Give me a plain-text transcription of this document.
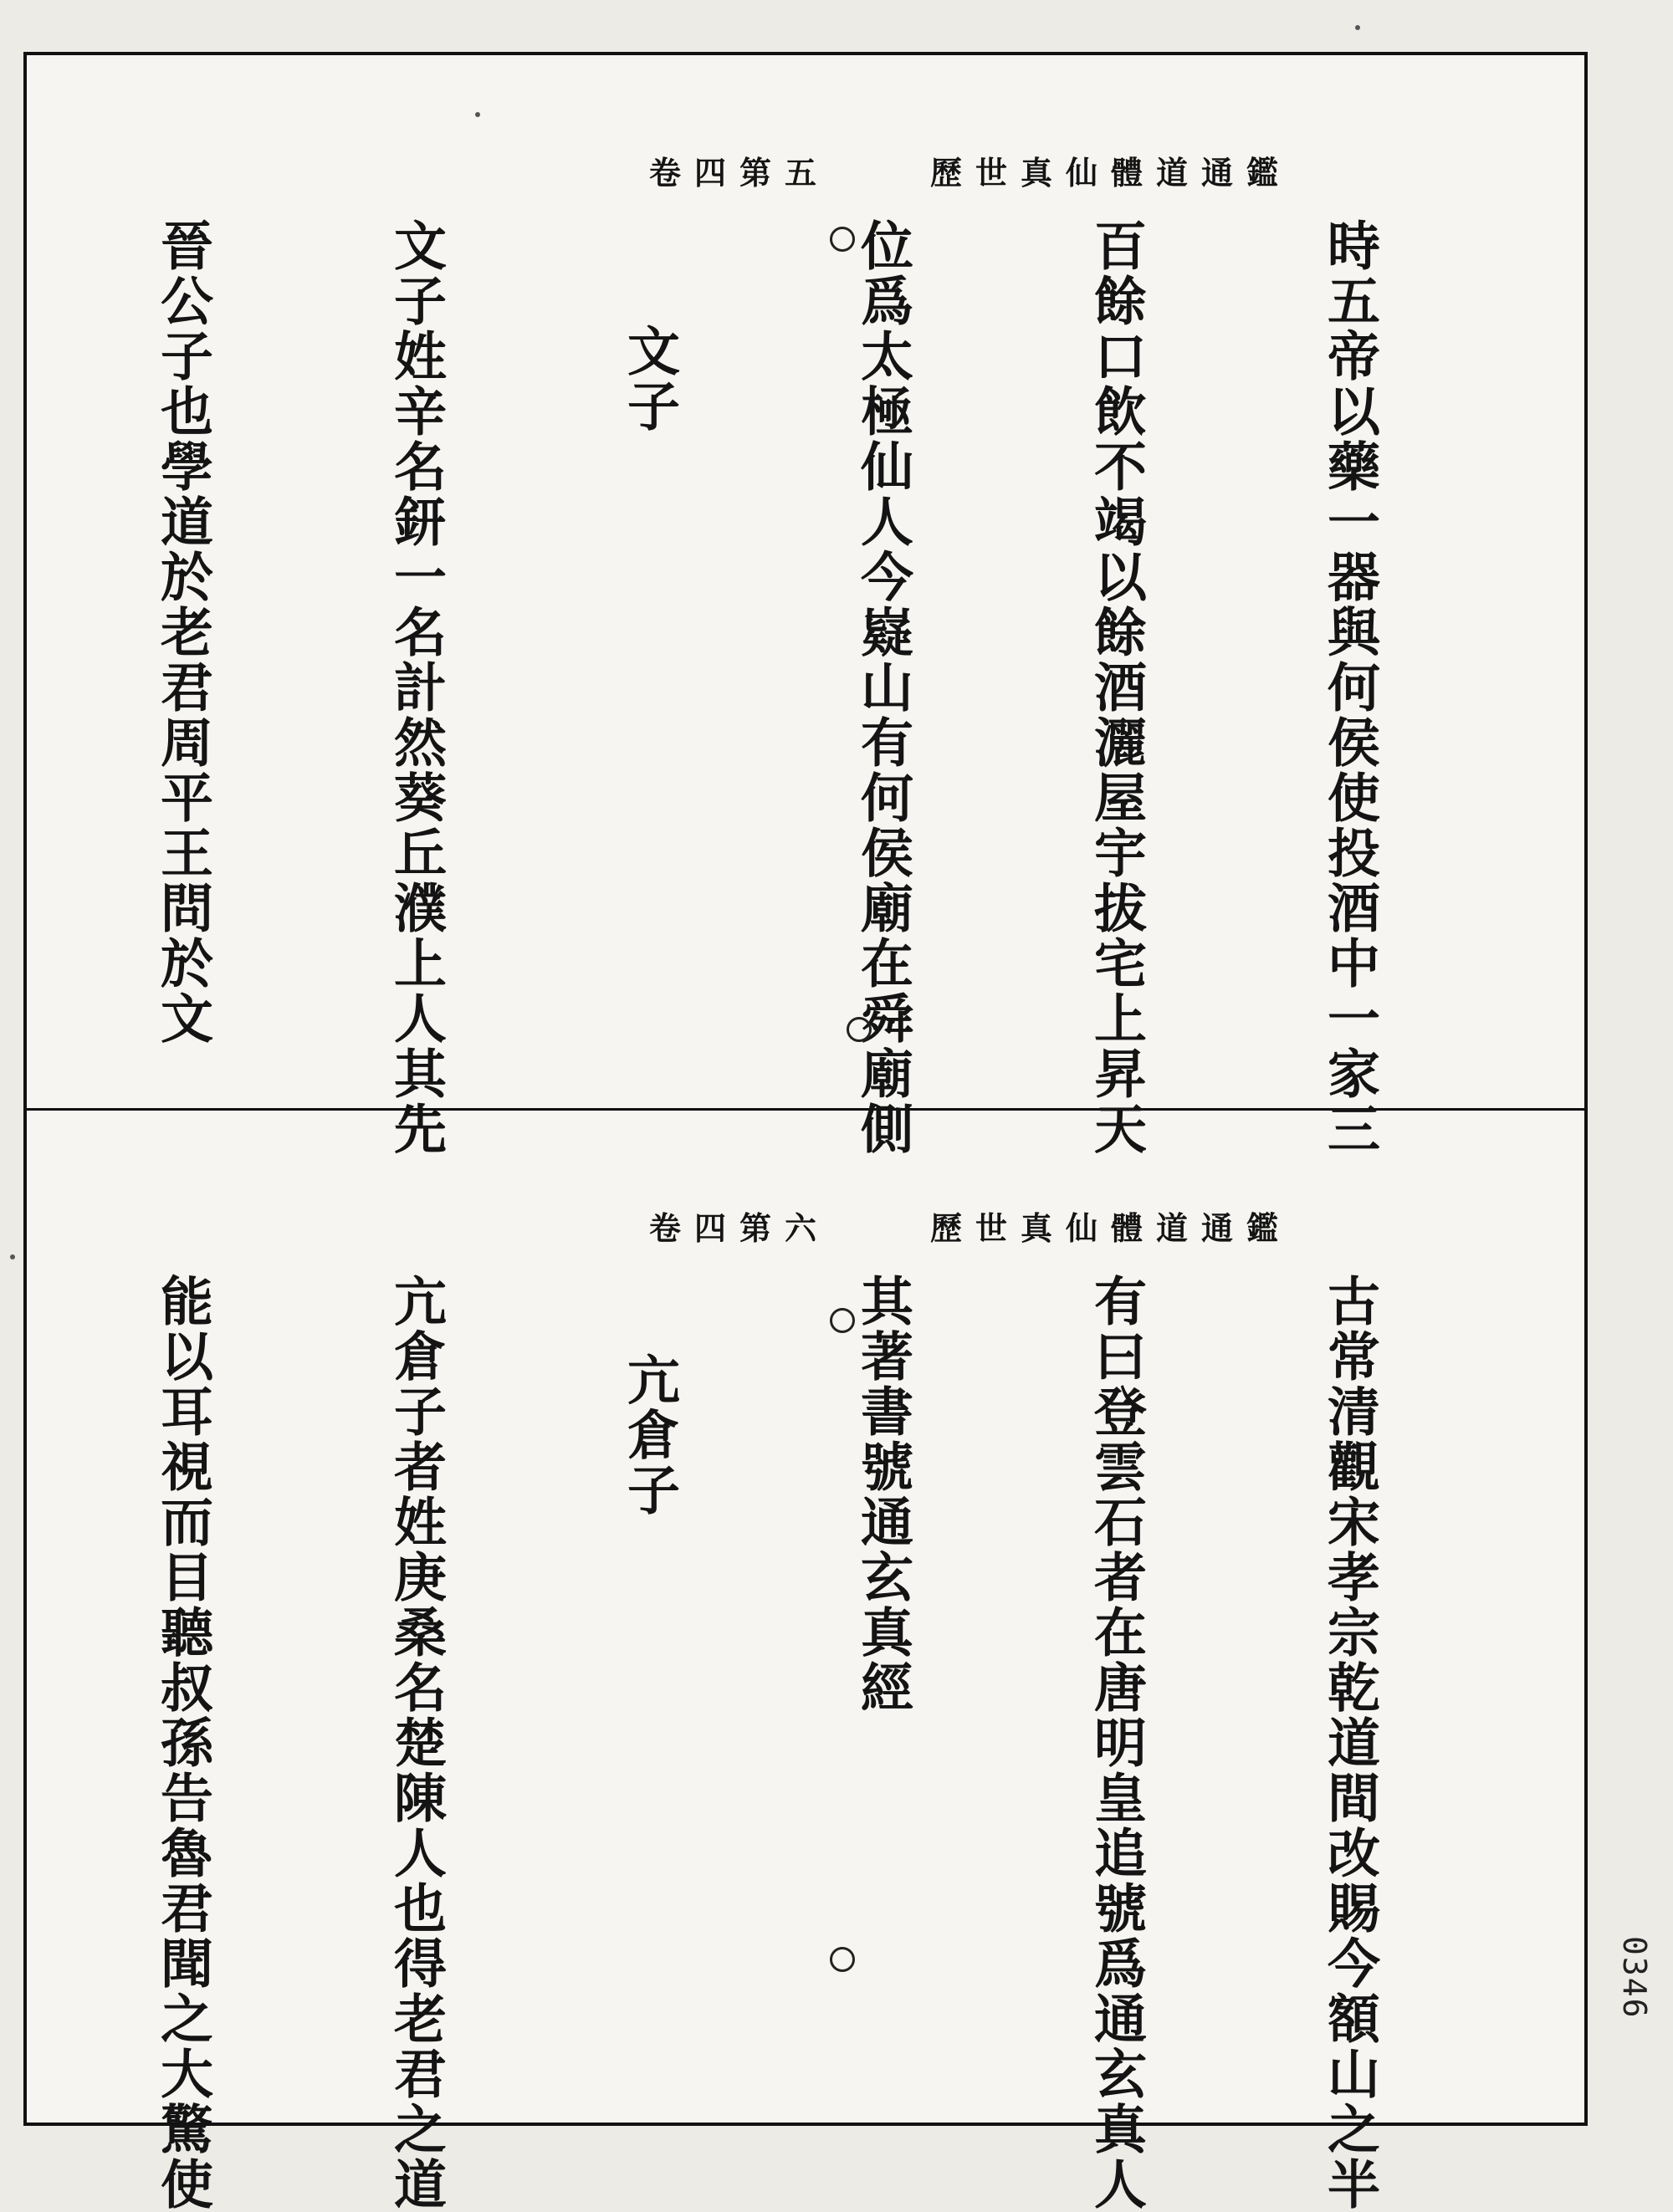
歷世真仙體道通鑑
卷四第五

時五帝以藥一器與何侯使投酒中一家三

百餘口飲不竭以餘酒灑屋宇拔宅上昇天

位爲太極仙人今嶷山有何侯廟在舜廟側

文子

文子姓辛名鈃一名計然葵丘濮上人其先

晉公子也學道於老君周平王問於文

歷世真仙體道通鑑
卷四第六

古常清觀宋孝宗乾道間改賜今額山之半

有曰登雲石者在唐明皇追號爲通玄真人

其著書號通玄真經

亢倉子

亢倉子者姓庚桑名楚陳人也得老君之道

能以耳視而目聽叔孫告魯君聞之大驚使

	0346
